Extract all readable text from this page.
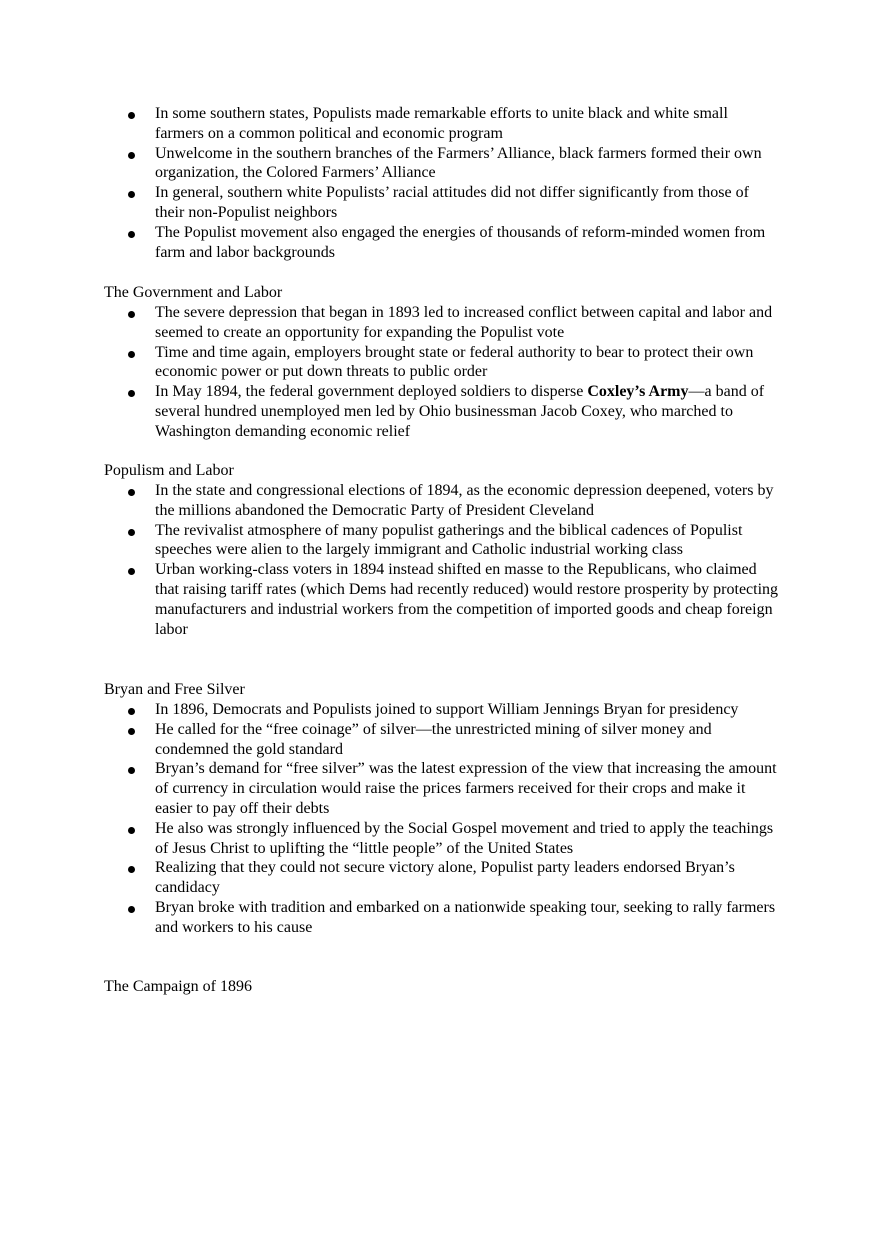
In some southern states, Populists made remarkable efforts to unite black and white small farmers on a common political and economic program
Unwelcome in the southern branches of the Farmers’ Alliance, black farmers formed their own organization, the Colored Farmers’ Alliance
In general, southern white Populists’ racial attitudes did not differ significantly from those of their non-Populist neighbors
The Populist movement also engaged the energies of thousands of reform-minded women from farm and labor backgrounds
The Government and Labor
The severe depression that began in 1893 led to increased conflict between capital and labor and seemed to create an opportunity for expanding the Populist vote
Time and time again, employers brought state or federal authority to bear to protect their own economic power or put down threats to public order
In May 1894, the federal government deployed soldiers to disperse Coxley’s Army—a band of several hundred unemployed men led by Ohio businessman Jacob Coxey, who marched to Washington demanding economic relief
Populism and Labor
In the state and congressional elections of 1894, as the economic depression deepened, voters by the millions abandoned the Democratic Party of President Cleveland
The revivalist atmosphere of many populist gatherings and the biblical cadences of Populist speeches were alien to the largely immigrant and Catholic industrial working class
Urban working-class voters in 1894 instead shifted en masse to the Republicans, who claimed that raising tariff rates (which Dems had recently reduced) would restore prosperity by protecting manufacturers and industrial workers from the competition of imported goods and cheap foreign labor
Bryan and Free Silver
In 1896, Democrats and Populists joined to support William Jennings Bryan for presidency
He called for the “free coinage” of silver—the unrestricted mining of silver money and condemned the gold standard
Bryan’s demand for “free silver” was the latest expression of the view that increasing the amount of currency in circulation would raise the prices farmers received for their crops and make it easier to pay off their debts
He also was strongly influenced by the Social Gospel movement and tried to apply the teachings of Jesus Christ to uplifting the “little people” of the United States
Realizing that they could not secure victory alone, Populist party leaders endorsed Bryan’s candidacy
Bryan broke with tradition and embarked on a nationwide speaking tour, seeking to rally farmers and workers to his cause
The Campaign of 1896
